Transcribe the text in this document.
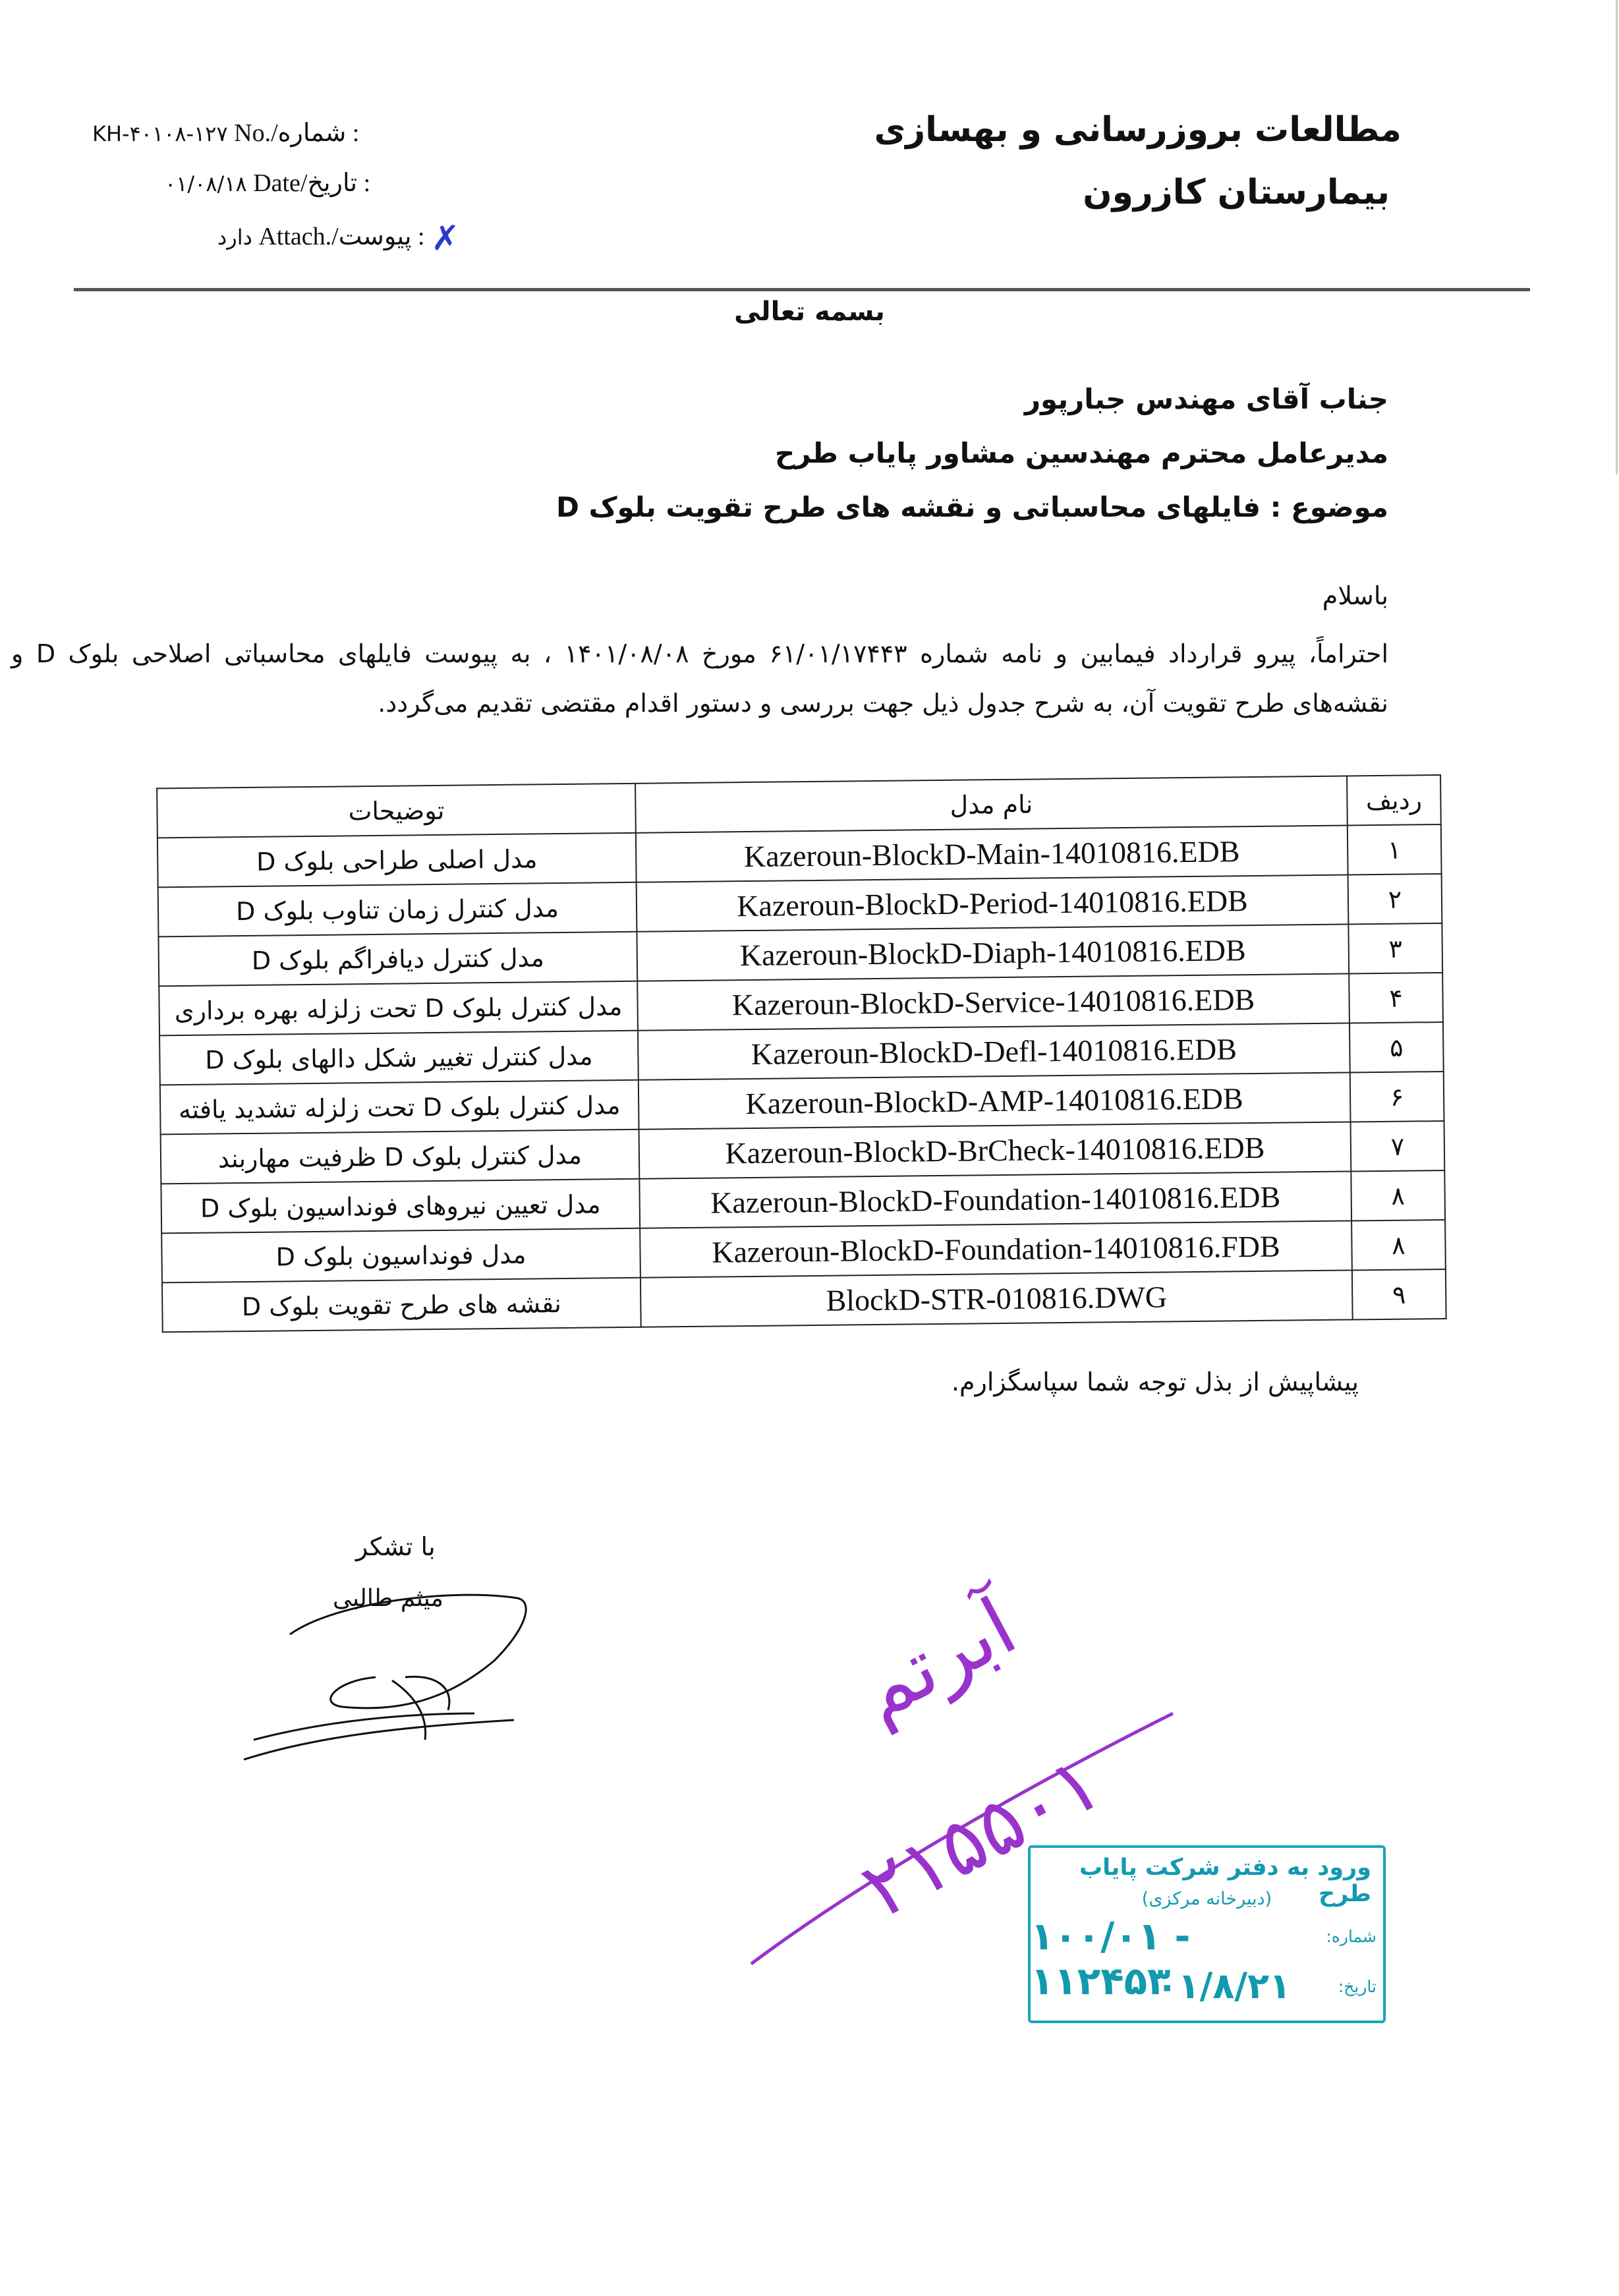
مطالعات بروزرسانی و بهسازی
بیمارستان کازرون
KH-۴۰۱۰۸-۱۲۷ No./شماره :
۰۱/۰۸/۱۸ Date/تاریخ :
دارد Attach./پیوست : ✗
بسمه تعالی
جناب آقای مهندس جبارپور
مدیرعامل محترم مهندسین مشاور پایاب طرح
موضوع : فایلهای محاسباتی و نقشه های طرح تقویت بلوک D
باسلام
احتراماً، پیرو قرارداد فیمابین و نامه شماره ۶۱/۰۱/۱۷۴۴۳ مورخ ۱۴۰۱/۰۸/۰۸ ، به پیوست فایلهای محاسباتی اصلاحی بلوک D و نقشه‌های طرح تقویت آن، به شرح جدول ذیل جهت بررسی و دستور اقدام مقتضی تقدیم می‌گردد.
ردیف	نام مدل	توضیحات
۱	Kazeroun-BlockD-Main-14010816.EDB	مدل اصلی طراحی بلوک D
۲	Kazeroun-BlockD-Period-14010816.EDB	مدل کنترل زمان تناوب بلوک D
۳	Kazeroun-BlockD-Diaph-14010816.EDB	مدل کنترل دیافراگم بلوک D
۴	Kazeroun-BlockD-Service-14010816.EDB	مدل کنترل بلوک D تحت زلزله بهره برداری
۵	Kazeroun-BlockD-Defl-14010816.EDB	مدل کنترل تغییر شکل دالهای بلوک D
۶	Kazeroun-BlockD-AMP-14010816.EDB	مدل کنترل بلوک D تحت زلزله تشدید یافته
۷	Kazeroun-BlockD-BrCheck-14010816.EDB	مدل کنترل بلوک D ظرفیت مهاربند
۸	Kazeroun-BlockD-Foundation-14010816.EDB	مدل تعیین نیروهای فونداسیون بلوک D
۸	Kazeroun-BlockD-Foundation-14010816.FDB	مدل فونداسیون بلوک D
۹	BlockD-STR-010816.DWG	نقشه های طرح تقویت بلوک D
پیشاپیش از بذل توجه شما سپاسگزارم.
با تشکر
میثم طالبی	آبرتم
۲۱۵۵۰۱
ورود به دفتر شرکت پایاب طرح
(دبیرخانه مرکزی)
شماره:
۱۰۰/۰۱ - ۱۱۲۴۵۳	تاریخ:
۰۱/۸/۲۱
